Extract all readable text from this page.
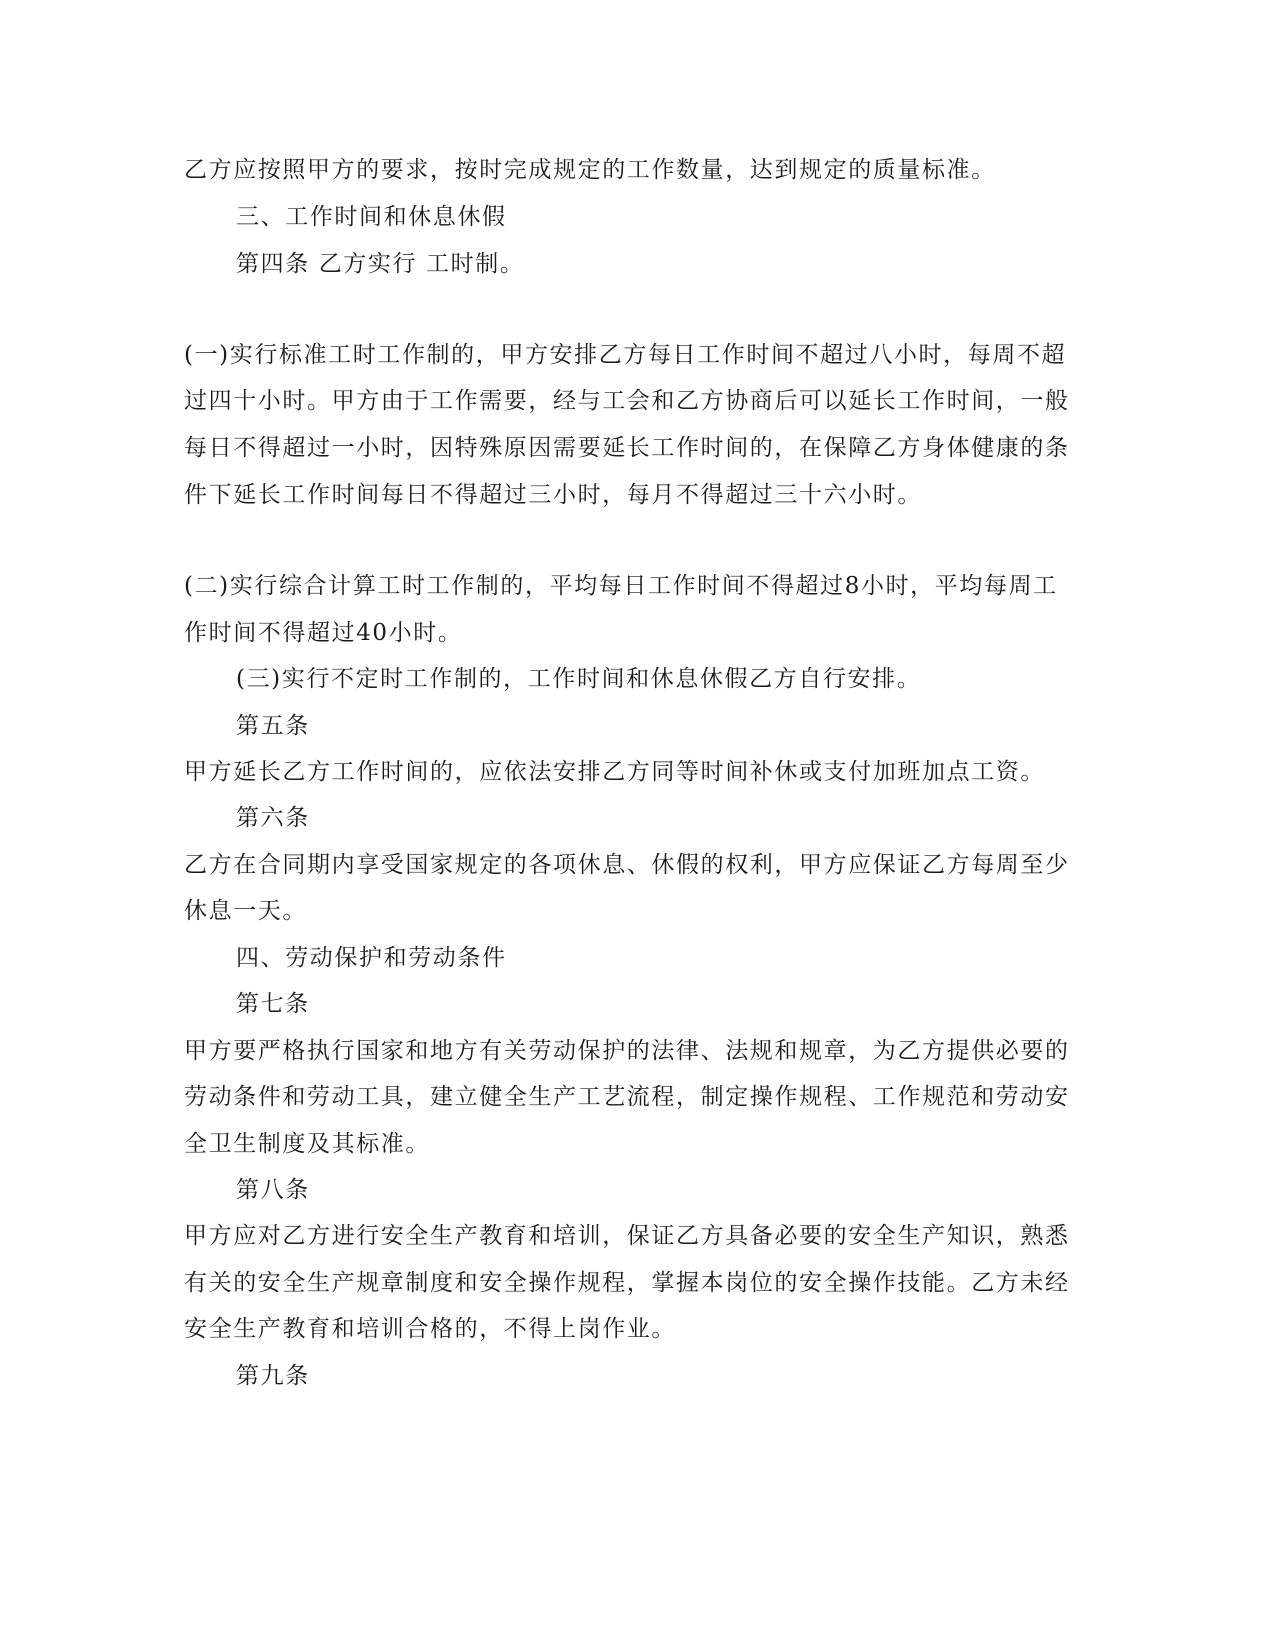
乙方应按照甲方的要求，按时完成规定的工作数量，达到规定的质量标准。
三、工作时间和休息休假
第四条 乙方实行 工时制。
(一)实行标准工时工作制的，甲方安排乙方每日工作时间不超过八小时，每周不超
过四十小时。甲方由于工作需要，经与工会和乙方协商后可以延长工作时间，一般
每日不得超过一小时，因特殊原因需要延长工作时间的，在保障乙方身体健康的条
件下延长工作时间每日不得超过三小时，每月不得超过三十六小时。
(二)实行综合计算工时工作制的，平均每日工作时间不得超过8小时，平均每周工
作时间不得超过40小时。
(三)实行不定时工作制的，工作时间和休息休假乙方自行安排。
第五条
甲方延长乙方工作时间的，应依法安排乙方同等时间补休或支付加班加点工资。
第六条
乙方在合同期内享受国家规定的各项休息、休假的权利，甲方应保证乙方每周至少
休息一天。
四、劳动保护和劳动条件
第七条
甲方要严格执行国家和地方有关劳动保护的法律、法规和规章，为乙方提供必要的
劳动条件和劳动工具，建立健全生产工艺流程，制定操作规程、工作规范和劳动安
全卫生制度及其标准。
第八条
甲方应对乙方进行安全生产教育和培训，保证乙方具备必要的安全生产知识，熟悉
有关的安全生产规章制度和安全操作规程，掌握本岗位的安全操作技能。乙方未经
安全生产教育和培训合格的，不得上岗作业。
第九条
